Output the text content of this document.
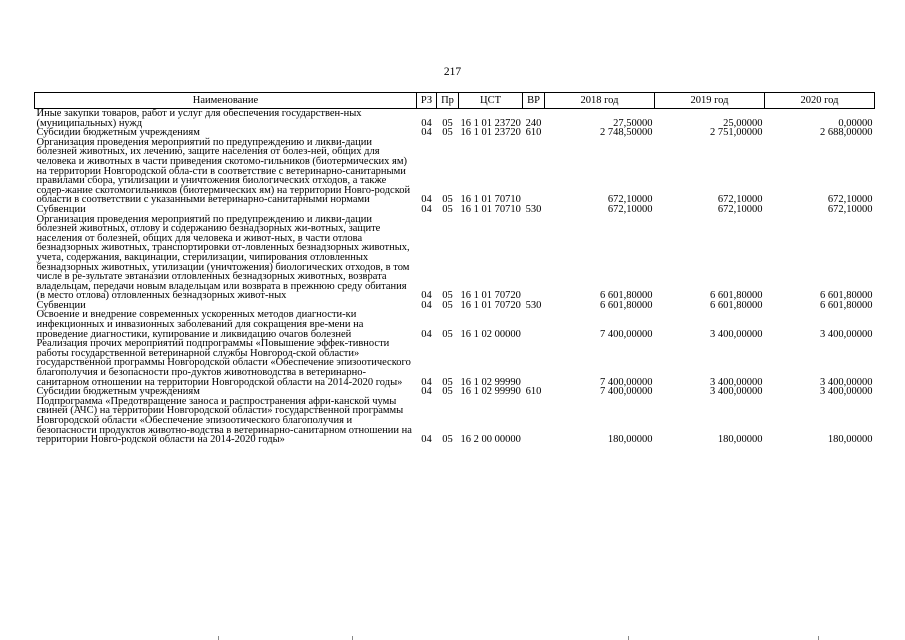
217
Наименование	РЗ	Пр	ЦСТ	ВР	2018 год	2019 год	2020 год
Иные закупки товаров, работ и услуг для обеспечения государствен-ных (муниципальных) нужд	04	05	16 1 01 23720	240	27,50000	25,00000	0,00000
Субсидии бюджетным учреждениям	04	05	16 1 01 23720	610	2 748,50000	2 751,00000	2 688,00000
Организация проведения мероприятий по предупреждению и ликви-дации болезней животных, их лечению, защите населения от болез-ней, общих для человека и животных в части приведения скотомо-гильников (биотермических ям) на территории Новгородской обла-сти в соответствие с ветеринарно-санитарными правилами сбора, утилизации и уничтожения биологических отходов, а также содер-жание скотомогильников (биотермических ям) на территории Новго-родской области в соответствии с указанными ветеринарно-санитарными нормами	04	05	16 1 01 70710		672,10000	672,10000	672,10000
Субвенции	04	05	16 1 01 70710	530	672,10000	672,10000	672,10000
Организация проведения мероприятий по предупреждению и ликви-дации болезней животных, отлову и содержанию безнадзорных жи-вотных, защите населения от болезней, общих для человека и живот-ных, в части отлова безнадзорных животных, транспортировки от-ловленных безнадзорных животных, учета, содержания, вакцинации, стерилизации, чипирования отловленных безнадзорных животных, утилизации (уничтожения) биологических отходов, в том числе в ре-зультате эвтаназии отловленных безнадзорных животных, возврата владельцам, передачи новым владельцам или возврата в прежнюю среду обитания (в место отлова) отловленных безнадзорных живот-ных	04	05	16 1 01 70720		6 601,80000	6 601,80000	6 601,80000
Субвенции	04	05	16 1 01 70720	530	6 601,80000	6 601,80000	6 601,80000
Освоение и внедрение современных ускоренных методов диагности-ки инфекционных и инвазионных заболеваний для сокращения вре-мени на проведение диагностики, купирование и ликвидацию очагов болезней	04	05	16 1 02 00000		7 400,00000	3 400,00000	3 400,00000
Реализация прочих мероприятий подпрограммы «Повышение эффек-тивности работы государственной ветеринарной службы Новгород-ской области» государственной программы Новгородской области «Обеспечение эпизоотического благополучия и безопасности про-дуктов животноводства в ветеринарно-санитарном отношении на территории Новгородской области на 2014-2020 годы»	04	05	16 1 02 99990		7 400,00000	3 400,00000	3 400,00000
Субсидии бюджетным учреждениям	04	05	16 1 02 99990	610	7 400,00000	3 400,00000	3 400,00000
Подпрограмма «Предотвращение заноса и распространения афри-канской чумы свиней (АЧС) на территории Новгородской области» государственной программы Новгородской области «Обеспечение эпизоотического благополучия и безопасности продуктов животно-водства в ветеринарно-санитарном отношении на территории Новго-родской области на 2014-2020 годы»	04	05	16 2 00 00000		180,00000	180,00000	180,00000
